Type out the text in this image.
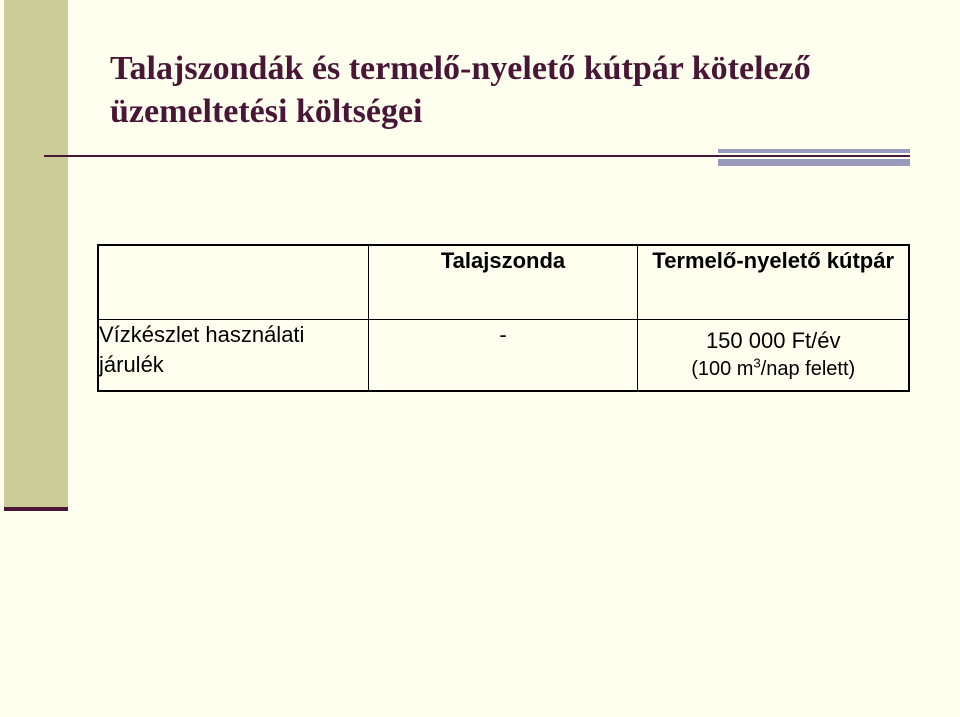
Talajszondák és termelő-nyelető kútpár kötelező üzemeltetési költségei
	Talajszonda	Termelő-nyelető kútpár
Vízkészlet használati járulék	-	150 000 Ft/év
(100 $m^3$/nap felett)
